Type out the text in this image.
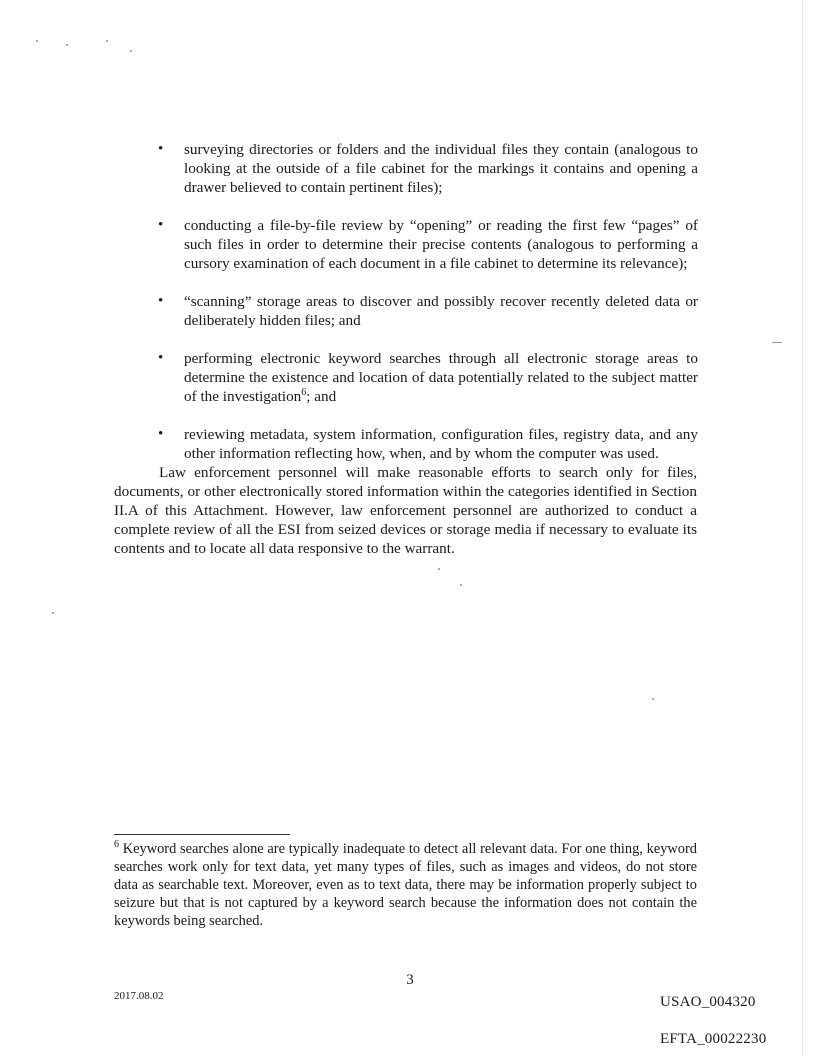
• surveying directories or folders and the individual files they contain (analogous to looking at the outside of a file cabinet for the markings it contains and opening a drawer believed to contain pertinent files);
• conducting a file-by-file review by “opening” or reading the first few “pages” of such files in order to determine their precise contents (analogous to performing a cursory examination of each document in a file cabinet to determine its relevance);
• “scanning” storage areas to discover and possibly recover recently deleted data or deliberately hidden files; and
• performing electronic keyword searches through all electronic storage areas to determine the existence and location of data potentially related to the subject matter of the investigation$^6$; and
• reviewing metadata, system information, configuration files, registry data, and any other information reflecting how, when, and by whom the computer was used.

Law enforcement personnel will make reasonable efforts to search only for files, documents, or other electronically stored information within the categories identified in Section II.A of this Attachment. However, law enforcement personnel are authorized to conduct a complete review of all the ESI from seized devices or storage media if necessary to evaluate its contents and to locate all data responsive to the warrant.

$^6$ Keyword searches alone are typically inadequate to detect all relevant data. For one thing, keyword searches work only for text data, yet many types of files, such as images and videos, do not store data as searchable text. Moreover, even as to text data, there may be information properly subject to seizure but that is not captured by a keyword search because the information does not contain the keywords being searched.

3
2017.08.02	USAO_004320
EFTA_00022230
